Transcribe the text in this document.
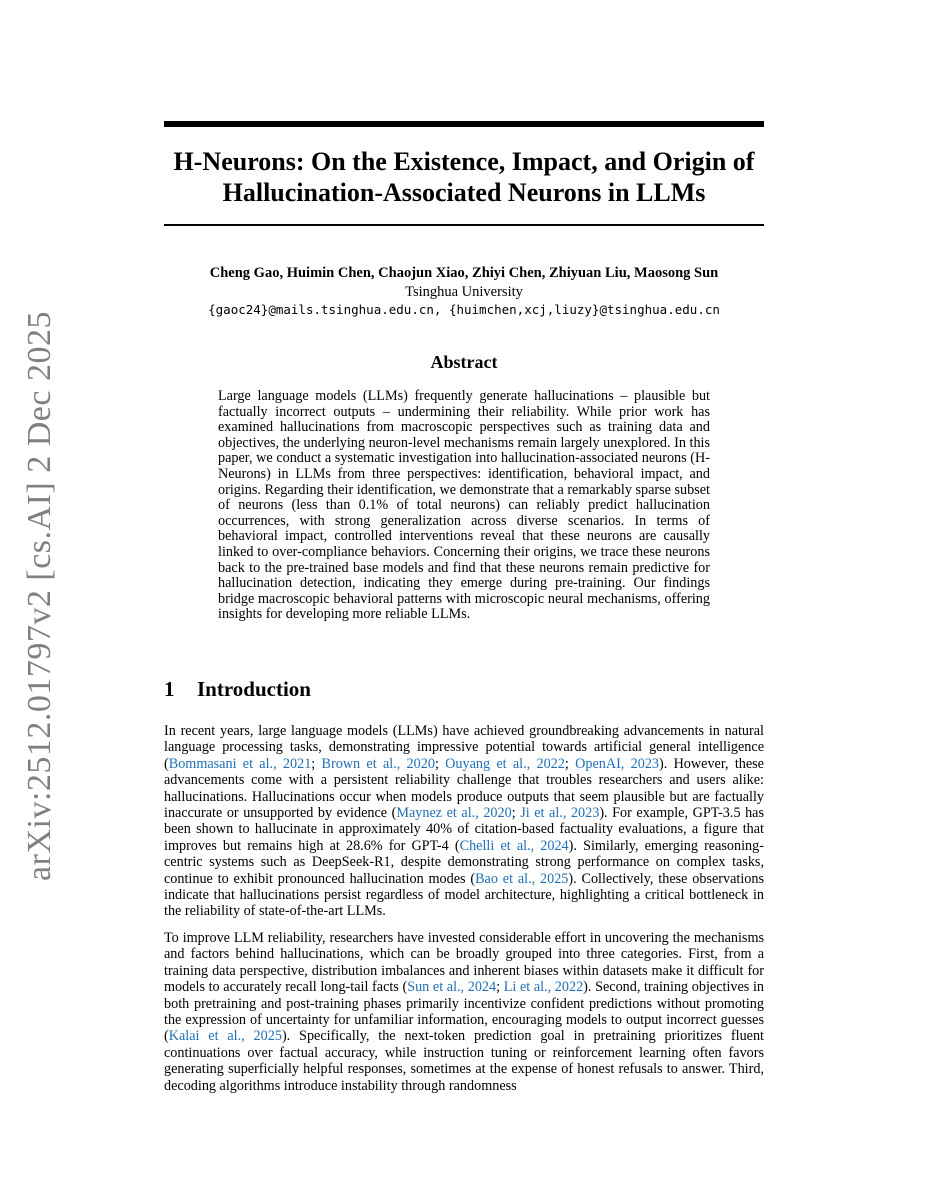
arXiv:2512.01797v2 [cs.AI] 2 Dec 2025
H-Neurons: On the Existence, Impact, and Origin of
Hallucination-Associated Neurons in LLMs
Cheng Gao, Huimin Chen, Chaojun Xiao, Zhiyi Chen, Zhiyuan Liu, Maosong Sun
Tsinghua University
{gaoc24}@mails.tsinghua.edu.cn, {huimchen,xcj,liuzy}@tsinghua.edu.cn
Abstract
Large language models (LLMs) frequently generate hallucinations – plausible but factually incorrect outputs – undermining their reliability. While prior work has examined hallucinations from macroscopic perspectives such as training data and objectives, the underlying neuron-level mechanisms remain largely unexplored. In this paper, we conduct a systematic investigation into hallucination-associated neurons (H-Neurons) in LLMs from three perspectives: identification, behavioral impact, and origins. Regarding their identification, we demonstrate that a remarkably sparse subset of neurons (less than 0.1% of total neurons) can reliably predict hallucination occurrences, with strong generalization across diverse scenarios. In terms of behavioral impact, controlled interventions reveal that these neurons are causally linked to over-compliance behaviors. Concerning their origins, we trace these neurons back to the pre-trained base models and find that these neurons remain predictive for hallucination detection, indicating they emerge during pre-training. Our findings bridge macroscopic behavioral patterns with microscopic neural mechanisms, offering insights for developing more reliable LLMs.
1 Introduction
In recent years, large language models (LLMs) have achieved groundbreaking advancements in natural language processing tasks, demonstrating impressive potential towards artificial general intelligence (Bommasani et al., 2021; Brown et al., 2020; Ouyang et al., 2022; OpenAI, 2023). However, these advancements come with a persistent reliability challenge that troubles researchers and users alike: hallucinations. Hallucinations occur when models produce outputs that seem plausible but are factually inaccurate or unsupported by evidence (Maynez et al., 2020; Ji et al., 2023). For example, GPT-3.5 has been shown to hallucinate in approximately 40% of citation-based factuality evaluations, a figure that improves but remains high at 28.6% for GPT-4 (Chelli et al., 2024). Similarly, emerging reasoning-centric systems such as DeepSeek-R1, despite demonstrating strong performance on complex tasks, continue to exhibit pronounced hallucination modes (Bao et al., 2025). Collectively, these observations indicate that hallucinations persist regardless of model architecture, highlighting a critical bottleneck in the reliability of state-of-the-art LLMs.
To improve LLM reliability, researchers have invested considerable effort in uncovering the mechanisms and factors behind hallucinations, which can be broadly grouped into three categories. First, from a training data perspective, distribution imbalances and inherent biases within datasets make it difficult for models to accurately recall long-tail facts (Sun et al., 2024; Li et al., 2022). Second, training objectives in both pretraining and post-training phases primarily incentivize confident predictions without promoting the expression of uncertainty for unfamiliar information, encouraging models to output incorrect guesses (Kalai et al., 2025). Specifically, the next-token prediction goal in pretraining prioritizes fluent continuations over factual accuracy, while instruction tuning or reinforcement learning often favors generating superficially helpful responses, sometimes at the expense of honest refusals to answer. Third, decoding algorithms introduce instability through randomness
